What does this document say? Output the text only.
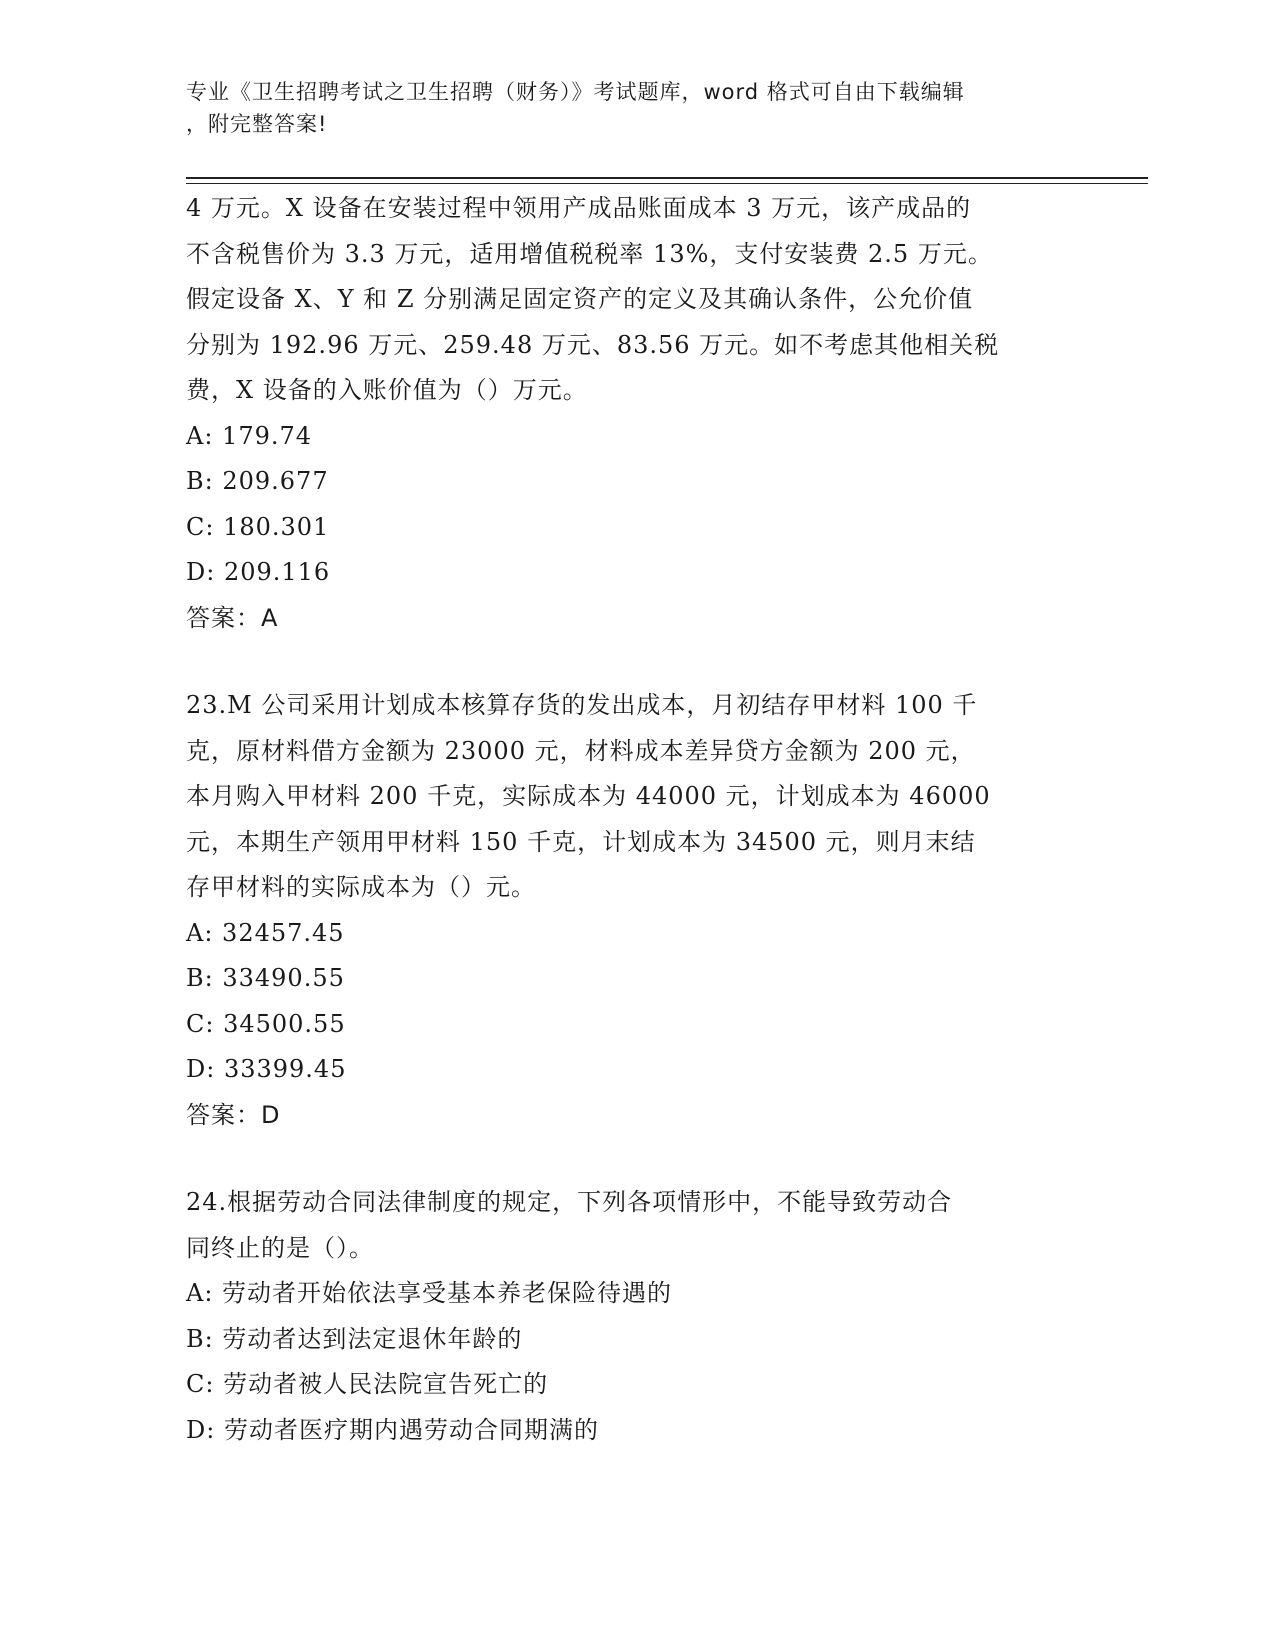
专业《卫生招聘考试之卫生招聘（财务）》考试题库，word 格式可自由下载编辑
，附完整答案!
4 万元。X 设备在安装过程中领用产成品账面成本 3 万元，该产成品的
不含税售价为 3.3 万元，适用增值税税率 13%，支付安装费 2.5 万元。
假定设备 X、Y 和 Z 分别满足固定资产的定义及其确认条件，公允价值
分别为 192.96 万元、259.48 万元、83.56 万元。如不考虑其他相关税
费，X 设备的入账价值为（）万元。
A: 179.74
B: 209.677
C: 180.301
D: 209.116
答案：A
23.M 公司采用计划成本核算存货的发出成本，月初结存甲材料 100 千
克，原材料借方金额为 23000 元，材料成本差异贷方金额为 200 元，
本月购入甲材料 200 千克，实际成本为 44000 元，计划成本为 46000
元，本期生产领用甲材料 150 千克，计划成本为 34500 元，则月末结
存甲材料的实际成本为（）元。
A: 32457.45
B: 33490.55
C: 34500.55
D: 33399.45
答案：D
24.根据劳动合同法律制度的规定，下列各项情形中，不能导致劳动合
同终止的是（）。
A: 劳动者开始依法享受基本养老保险待遇的
B: 劳动者达到法定退休年龄的
C: 劳动者被人民法院宣告死亡的
D: 劳动者医疗期内遇劳动合同期满的
